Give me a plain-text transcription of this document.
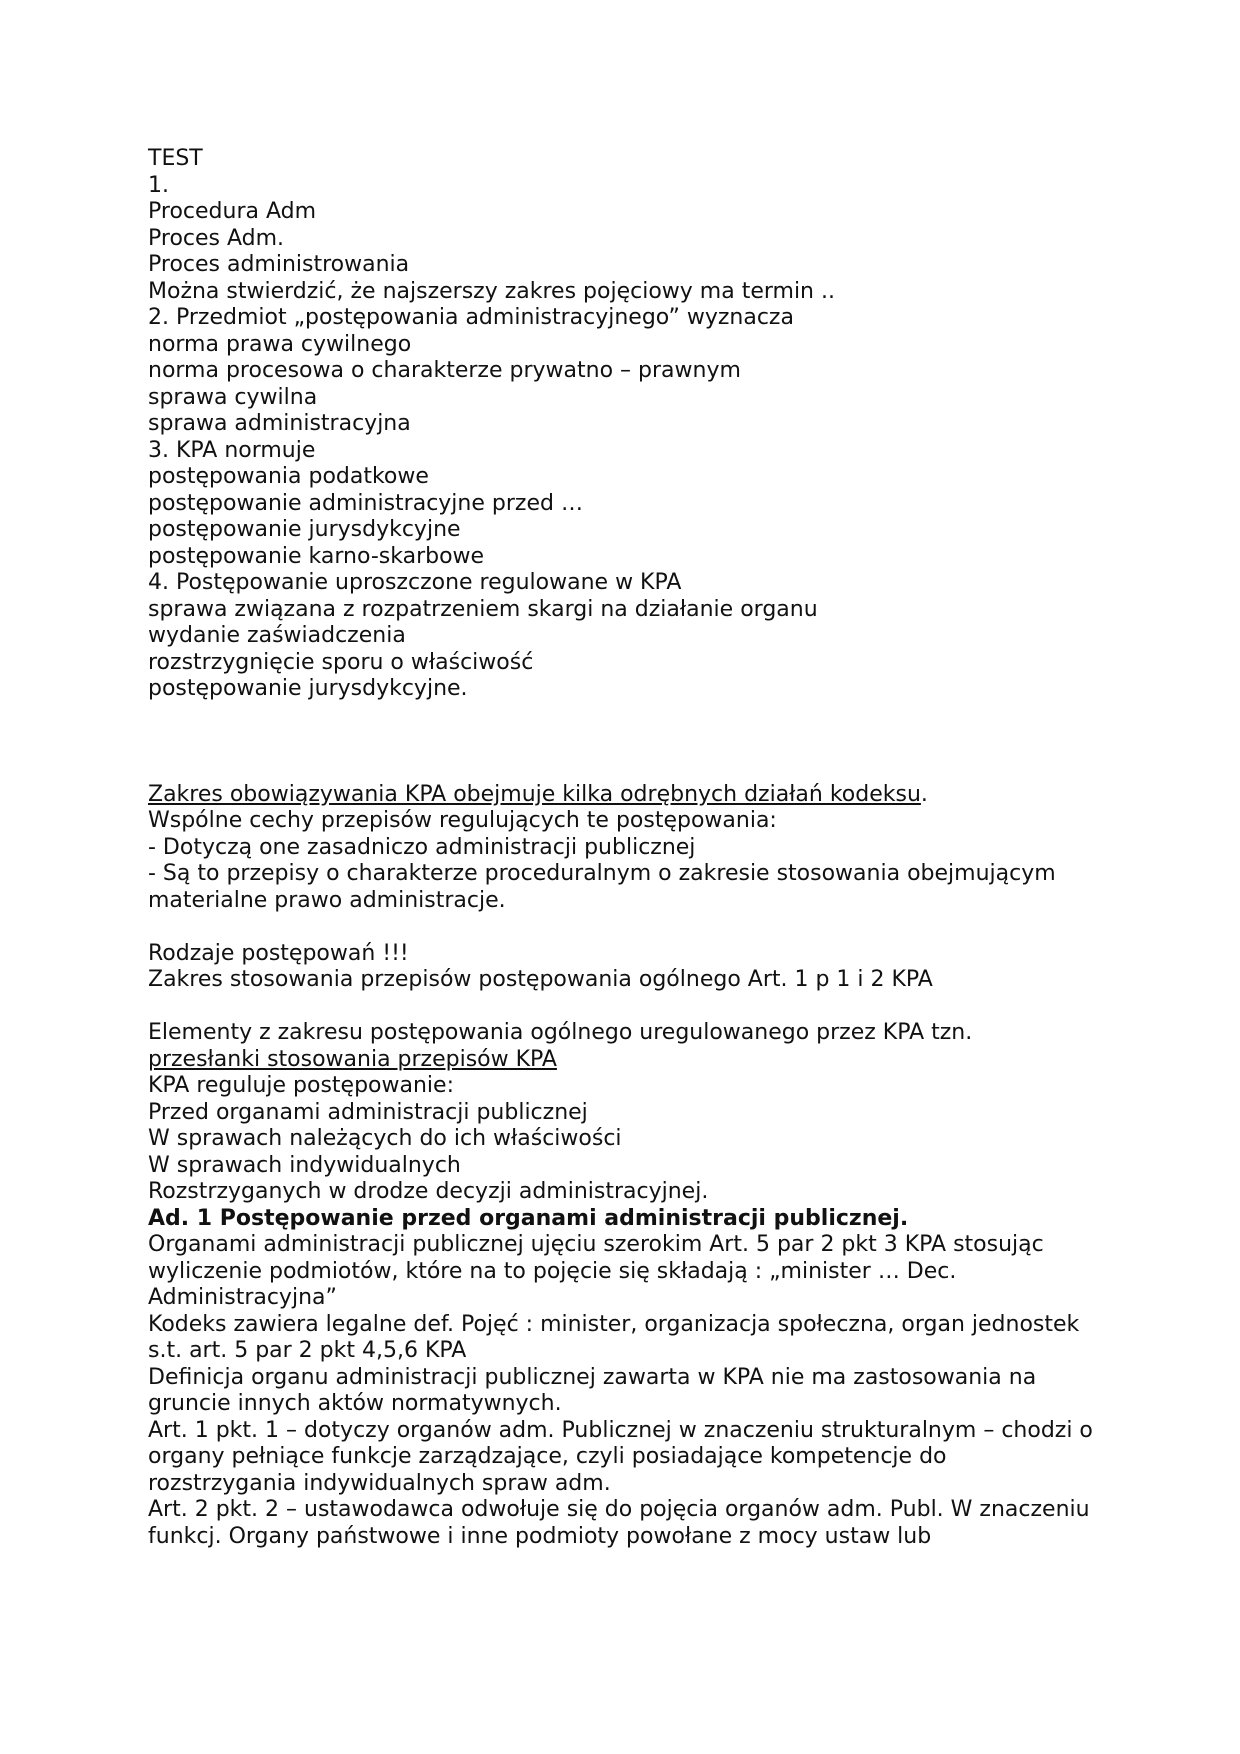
TEST
1.
Procedura Adm
Proces Adm.
Proces administrowania
Można stwierdzić, że najszerszy zakres pojęciowy ma termin ..
2. Przedmiot „postępowania administracyjnego” wyznacza
norma prawa cywilnego
norma procesowa o charakterze prywatno – prawnym
sprawa cywilna
sprawa administracyjna
3. KPA normuje
postępowania podatkowe
postępowanie administracyjne przed …
postępowanie jurysdykcyjne
postępowanie karno-skarbowe
4. Postępowanie uproszczone regulowane w KPA
sprawa związana z rozpatrzeniem skargi na działanie organu
wydanie zaświadczenia
rozstrzygnięcie sporu o właściwość
postępowanie jurysdykcyjne.
Zakres obowiązywania KPA obejmuje kilka odrębnych działań kodeksu.
Wspólne cechy przepisów regulujących te postępowania:
- Dotyczą one zasadniczo administracji publicznej
- Są to przepisy o charakterze proceduralnym o zakresie stosowania obejmującym materialne prawo administracje.
Rodzaje postępowań !!!
Zakres stosowania przepisów postępowania ogólnego Art. 1 p 1 i 2 KPA
Elementy z zakresu postępowania ogólnego uregulowanego przez KPA tzn.
przesłanki stosowania przepisów KPA
KPA reguluje postępowanie:
Przed organami administracji publicznej
W sprawach należących do ich właściwości
W sprawach indywidualnych
Rozstrzyganych w drodze decyzji administracyjnej.
Ad. 1 Postępowanie przed organami administracji publicznej.
Organami administracji publicznej ujęciu szerokim Art. 5 par 2 pkt 3 KPA stosując wyliczenie podmiotów, które na to pojęcie się składają : „minister … Dec. Administracyjna”
Kodeks zawiera legalne def. Pojęć : minister, organizacja społeczna, organ jednostek s.t. art. 5 par 2 pkt 4,5,6 KPA
Definicja organu administracji publicznej zawarta w KPA nie ma zastosowania na gruncie innych aktów normatywnych.
Art. 1 pkt. 1 – dotyczy organów adm. Publicznej w znaczeniu strukturalnym – chodzi o organy pełniące funkcje zarządzające, czyli posiadające kompetencje do rozstrzygania indywidualnych spraw adm.
Art. 2 pkt. 2 – ustawodawca odwołuje się do pojęcia organów adm. Publ. W znaczeniu funkcj. Organy państwowe i inne podmioty powołane z mocy ustaw lub
